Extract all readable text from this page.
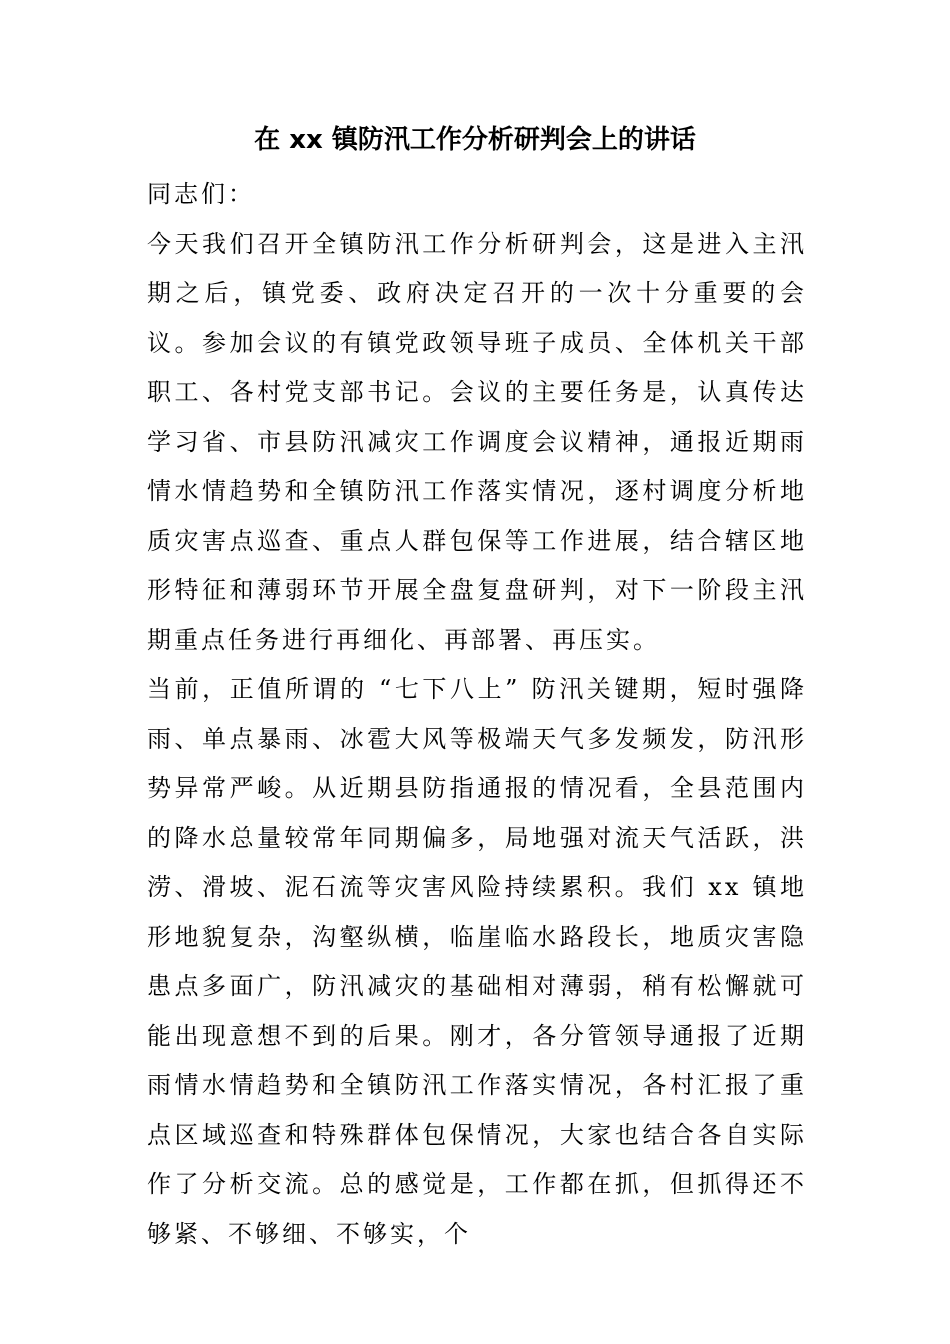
在 xx 镇防汛工作分析研判会上的讲话

同志们：

今天我们召开全镇防汛工作分析研判会，这是进入主汛期之后，镇党委、政府决定召开的一次十分重要的会议。参加会议的有镇党政领导班子成员、全体机关干部职工、各村党支部书记。会议的主要任务是，认真传达学习省、市县防汛减灾工作调度会议精神，通报近期雨情水情趋势和全镇防汛工作落实情况，逐村调度分析地质灾害点巡查、重点人群包保等工作进展，结合辖区地形特征和薄弱环节开展全盘复盘研判，对下一阶段主汛期重点任务进行再细化、再部署、再压实。

当前，正值所谓的 “七下八上” 防汛关键期，短时强降雨、单点暴雨、冰雹大风等极端天气多发频发，防汛形势异常严峻。从近期县防指通报的情况看，全县范围内的降水总量较常年同期偏多，局地强对流天气活跃，洪涝、滑坡、泥石流等灾害风险持续累积。我们 xx 镇地形地貌复杂，沟壑纵横，临崖临水路段长，地质灾害隐患点多面广，防汛减灾的基础相对薄弱，稍有松懈就可能出现意想不到的后果。刚才，各分管领导通报了近期雨情水情趋势和全镇防汛工作落实情况，各村汇报了重点区域巡查和特殊群体包保情况，大家也结合各自实际作了分析交流。总的感觉是，工作都在抓，但抓得还不够紧、不够细、不够实，个
